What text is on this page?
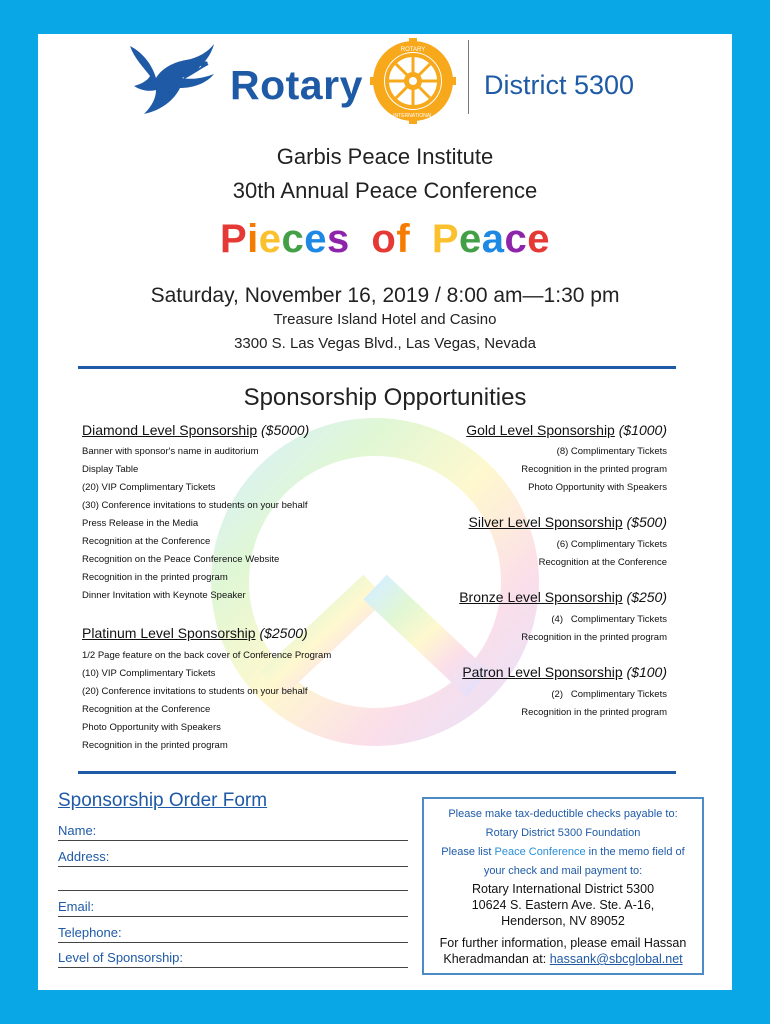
Rotary
ROTARY
INTERNATIONAL
District 5300
Garbis Peace Institute
30th Annual Peace Conference
Pieces of Peace
Saturday, November 16, 2019 / 8:00 am—1:30 pm
Treasure Island Hotel and Casino
3300 S. Las Vegas Blvd., Las Vegas, Nevada
Sponsorship Opportunities
Diamond Level Sponsorship ($5000)
Banner with sponsor's name in auditorium
Display Table
(20) VIP Complimentary Tickets
(30) Conference invitations to students on your behalf
Press Release in the Media
Recognition at the Conference
Recognition on the Peace Conference Website
Recognition in the printed program
Dinner Invitation with Keynote Speaker
Platinum Level Sponsorship ($2500)
1/2 Page feature on the back cover of Conference Program
(10) VIP Complimentary Tickets
(20) Conference invitations to students on your behalf
Recognition at the Conference
Photo Opportunity with Speakers
Recognition in the printed program
Gold Level Sponsorship ($1000)
(8) Complimentary Tickets
Recognition in the printed program
Photo Opportunity with Speakers
Silver Level Sponsorship ($500)
(6) Complimentary Tickets
Recognition at the Conference
Bronze Level Sponsorship ($250)
(4)   Complimentary Tickets
Recognition in the printed program
Patron Level Sponsorship ($100)
(2)   Complimentary Tickets
Recognition in the printed program
Sponsorship Order Form
Name:
Address:
Email:
Telephone:
Level of Sponsorship:
Please make tax-deductible checks payable to:
Rotary District 5300 Foundation
Please list Peace Conference in the memo field of
your check and mail payment to:
Rotary International District 5300
10624 S. Eastern Ave. Ste. A-16,
Henderson, NV 89052
For further information, please email Hassan
Kheradmandan at: hassank@sbcglobal.net
